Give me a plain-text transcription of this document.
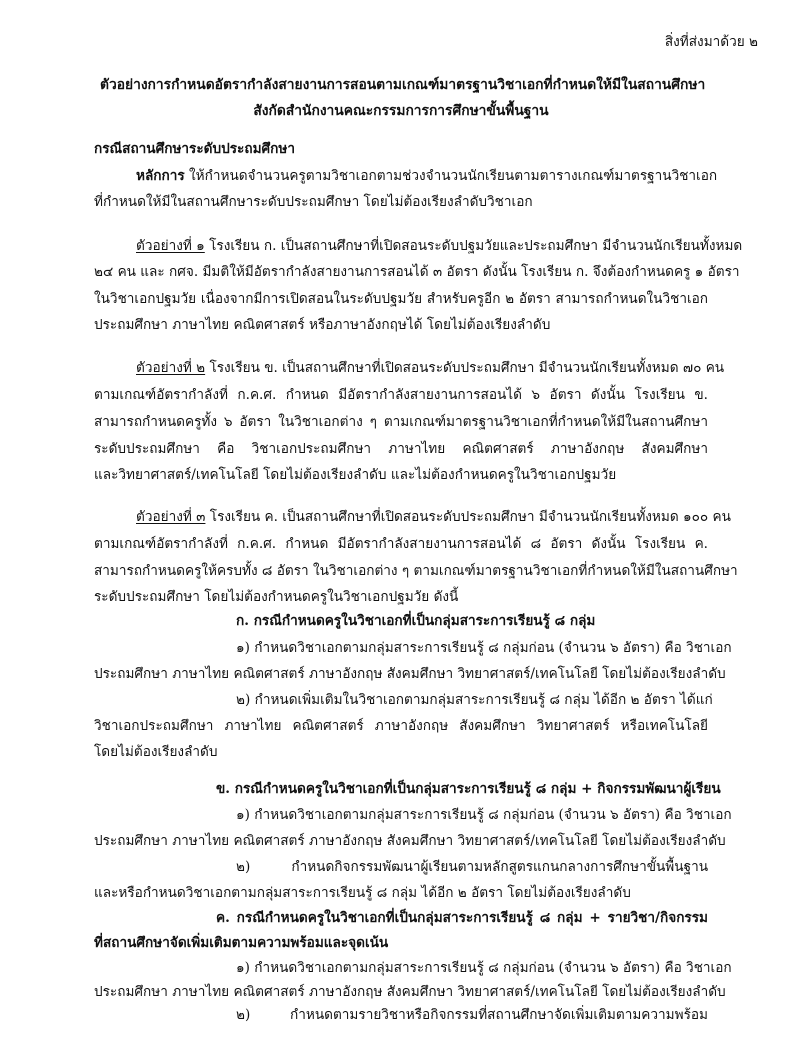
สิ่งที่ส่งมาด้วย ๒
ตัวอย่างการกำหนดอัตรากำลังสายงานการสอนตามเกณฑ์มาตรฐานวิชาเอกที่กำหนดให้มีในสถานศึกษา
สังกัดสำนักงานคณะกรรมการการศึกษาขั้นพื้นฐาน
กรณีสถานศึกษาระดับประถมศึกษา
หลักการ ให้กำหนดจำนวนครูตามวิชาเอกตามช่วงจำนวนนักเรียนตามตารางเกณฑ์มาตรฐานวิชาเอก
ที่กำหนดให้มีในสถานศึกษาระดับประถมศึกษา โดยไม่ต้องเรียงลำดับวิชาเอก
ตัวอย่างที่ ๑ โรงเรียน ก. เป็นสถานศึกษาที่เปิดสอนระดับปฐมวัยและประถมศึกษา มีจำนวนนักเรียนทั้งหมด
๒๔ คน และ กศจ. มีมติให้มีอัตรากำลังสายงานการสอนได้ ๓ อัตรา ดังนั้น โรงเรียน ก. จึงต้องกำหนดครู ๑ อัตรา
ในวิชาเอกปฐมวัย เนื่องจากมีการเปิดสอนในระดับปฐมวัย สำหรับครูอีก ๒ อัตรา สามารถกำหนดในวิชาเอก
ประถมศึกษา ภาษาไทย คณิตศาสตร์ หรือภาษาอังกฤษได้ โดยไม่ต้องเรียงลำดับ
ตัวอย่างที่ ๒ โรงเรียน ข. เป็นสถานศึกษาที่เปิดสอนระดับประถมศึกษา มีจำนวนนักเรียนทั้งหมด ๗๐ คน
ตามเกณฑ์อัตรากำลังที่ ก.ค.ศ. กำหนด มีอัตรากำลังสายงานการสอนได้ ๖ อัตรา ดังนั้น โรงเรียน ข.
สามารถกำหนดครูทั้ง ๖ อัตรา ในวิชาเอกต่าง ๆ ตามเกณฑ์มาตรฐานวิชาเอกที่กำหนดให้มีในสถานศึกษา
ระดับประถมศึกษา คือ วิชาเอกประถมศึกษา ภาษาไทย คณิตศาสตร์ ภาษาอังกฤษ สังคมศึกษา
และวิทยาศาสตร์/เทคโนโลยี โดยไม่ต้องเรียงลำดับ และไม่ต้องกำหนดครูในวิชาเอกปฐมวัย
ตัวอย่างที่ ๓ โรงเรียน ค. เป็นสถานศึกษาที่เปิดสอนระดับประถมศึกษา มีจำนวนนักเรียนทั้งหมด ๑๐๐ คน
ตามเกณฑ์อัตรากำลังที่ ก.ค.ศ. กำหนด มีอัตรากำลังสายงานการสอนได้ ๘ อัตรา ดังนั้น โรงเรียน ค.
สามารถกำหนดครูให้ครบทั้ง ๘ อัตรา ในวิชาเอกต่าง ๆ ตามเกณฑ์มาตรฐานวิชาเอกที่กำหนดให้มีในสถานศึกษา
ระดับประถมศึกษา โดยไม่ต้องกำหนดครูในวิชาเอกปฐมวัย ดังนี้
ก. กรณีกำหนดครูในวิชาเอกที่เป็นกลุ่มสาระการเรียนรู้ ๘ กลุ่ม
๑) กำหนดวิชาเอกตามกลุ่มสาระการเรียนรู้ ๘ กลุ่มก่อน (จำนวน ๖ อัตรา) คือ วิชาเอก
ประถมศึกษา ภาษาไทย คณิตศาสตร์ ภาษาอังกฤษ สังคมศึกษา วิทยาศาสตร์/เทคโนโลยี โดยไม่ต้องเรียงลำดับ
๒) กำหนดเพิ่มเติมในวิชาเอกตามกลุ่มสาระการเรียนรู้ ๘ กลุ่ม ได้อีก ๒ อัตรา ได้แก่
วิชาเอกประถมศึกษา ภาษาไทย คณิตศาสตร์ ภาษาอังกฤษ สังคมศึกษา วิทยาศาสตร์ หรือเทคโนโลยี
โดยไม่ต้องเรียงลำดับ
ข. กรณีกำหนดครูในวิชาเอกที่เป็นกลุ่มสาระการเรียนรู้ ๘ กลุ่ม + กิจกรรมพัฒนาผู้เรียน
๑) กำหนดวิชาเอกตามกลุ่มสาระการเรียนรู้ ๘ กลุ่มก่อน (จำนวน ๖ อัตรา) คือ วิชาเอก
ประถมศึกษา ภาษาไทย คณิตศาสตร์ ภาษาอังกฤษ สังคมศึกษา วิทยาศาสตร์/เทคโนโลยี โดยไม่ต้องเรียงลำดับ
๒) กำหนดกิจกรรมพัฒนาผู้เรียนตามหลักสูตรแกนกลางการศึกษาขั้นพื้นฐาน
และหรือกำหนดวิชาเอกตามกลุ่มสาระการเรียนรู้ ๘ กลุ่ม ได้อีก ๒ อัตรา โดยไม่ต้องเรียงลำดับ
ค. กรณีกำหนดครูในวิชาเอกที่เป็นกลุ่มสาระการเรียนรู้ ๘ กลุ่ม + รายวิชา/กิจกรรม
ที่สถานศึกษาจัดเพิ่มเติมตามความพร้อมและจุดเน้น
๑) กำหนดวิชาเอกตามกลุ่มสาระการเรียนรู้ ๘ กลุ่มก่อน (จำนวน ๖ อัตรา) คือ วิชาเอก
ประถมศึกษา ภาษาไทย คณิตศาสตร์ ภาษาอังกฤษ สังคมศึกษา วิทยาศาสตร์/เทคโนโลยี โดยไม่ต้องเรียงลำดับ
๒) กำหนดตามรายวิชาหรือกิจกรรมที่สถานศึกษาจัดเพิ่มเติมตามความพร้อม
